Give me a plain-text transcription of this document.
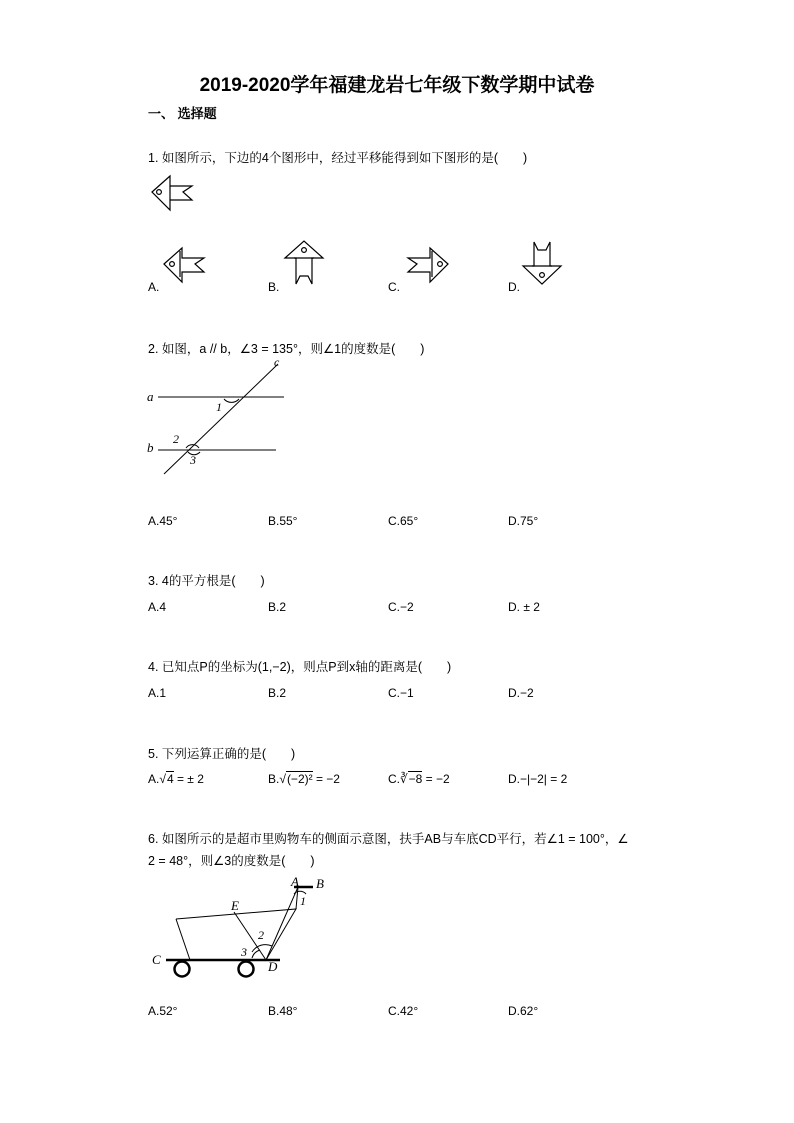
2019-2020学年福建龙岩七年级下数学期中试卷
一、 选择题
1. 如图所示，下边的4个图形中，经过平移能得到如下图形的是(　　)
A.	B.	C.	D.
2. 如图，a // b，∠3 = 135°，则∠1的度数是(　　)
a
b
c
1
2
3
A.45°	B.55°	C.65°	D.75°
3. 4的平方根是(　　)
A.4	B.2	C.−2	D. ± 2
4. 已知点P的坐标为(1,−2)，则点P到x轴的距离是(　　)
A.1	B.2	C.−1	D.−2
5. 下列运算正确的是(　　)
A.√4 = ± 2	B.√(−2)² = −2	C.∛−8 = −2	D.−|−2| = 2
6. 如图所示的是超市里购物车的侧面示意图，扶手AB与车底CD平行，若∠1 = 100°，∠
2 = 48°，则∠3的度数是(　　)
A B
C	D
E	1
2
3
A.52°	B.48°	C.42°	D.62°
